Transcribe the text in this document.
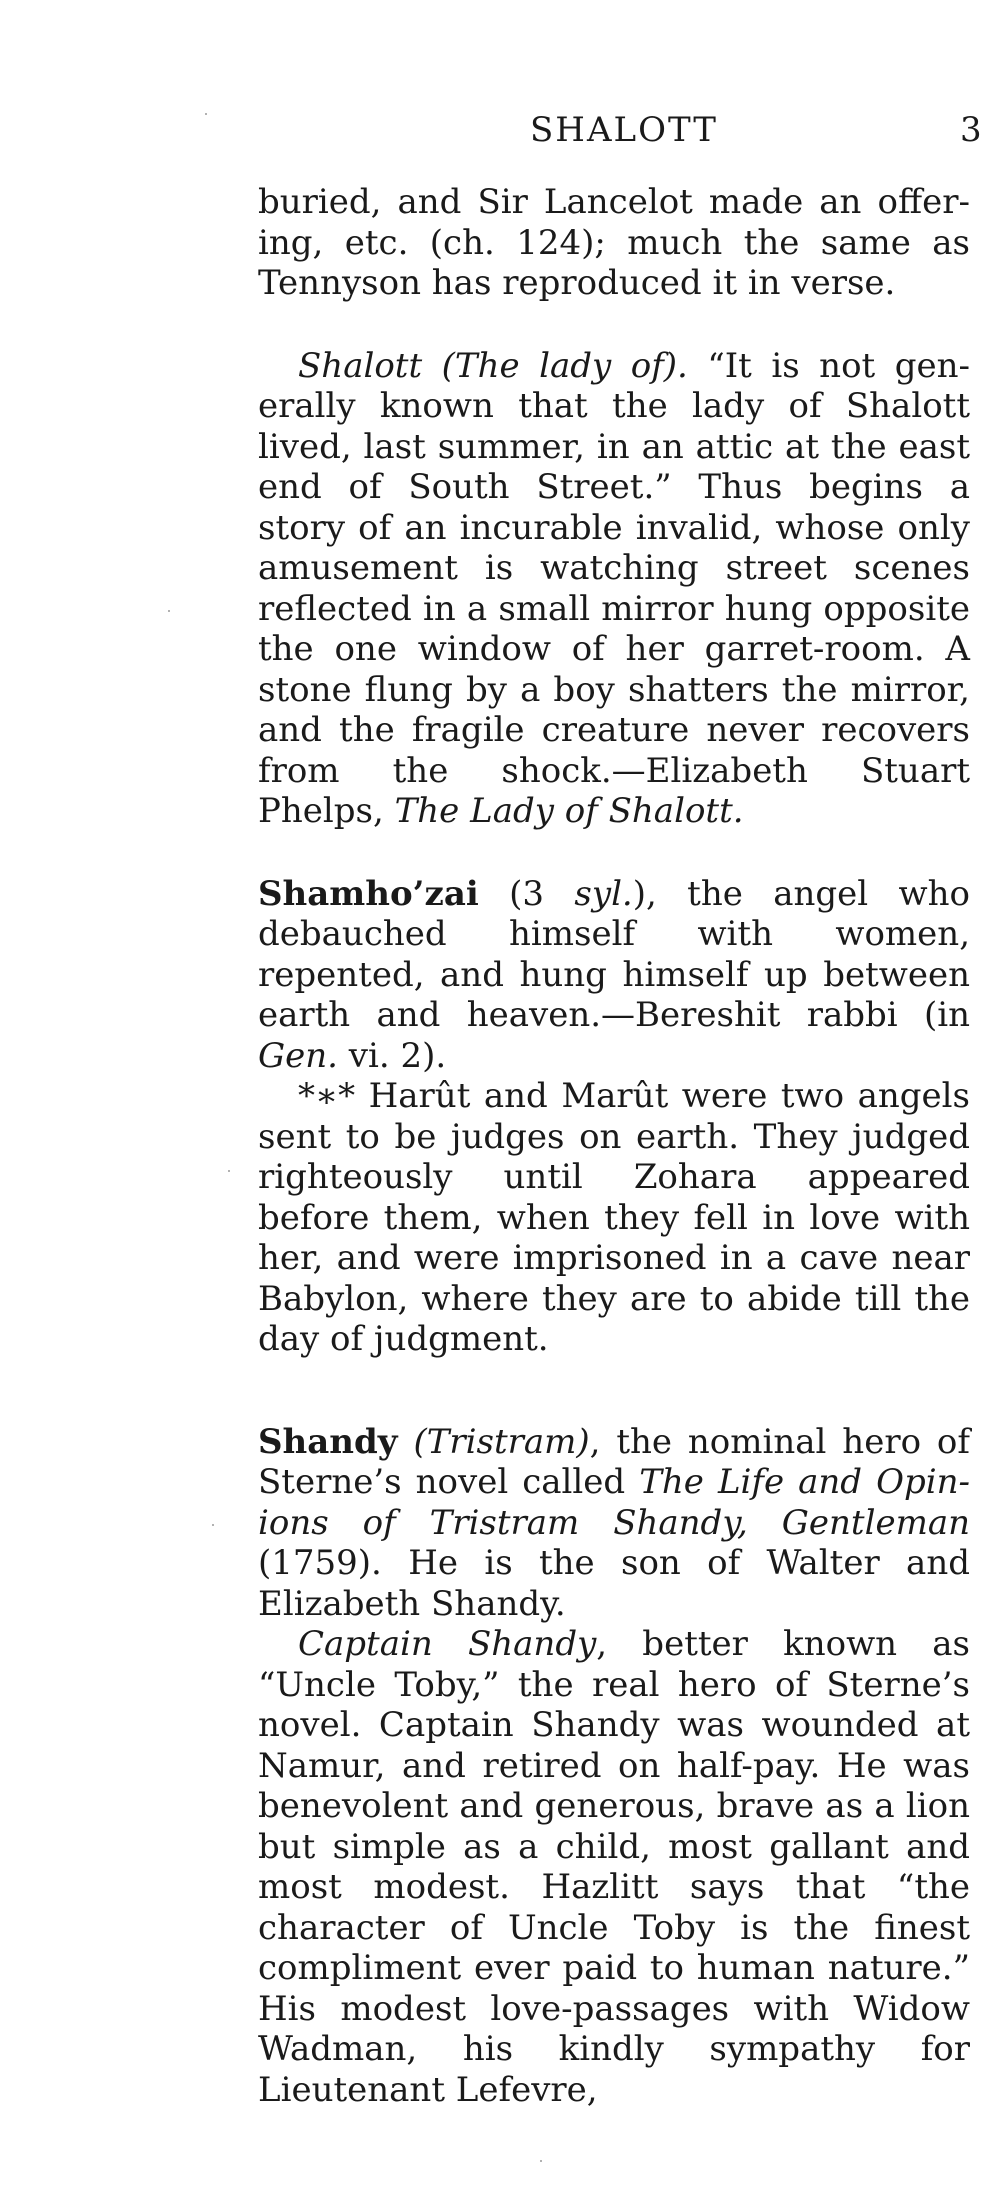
SHALOTT	3

buried, and Sir Lancelot made an offering, etc. (ch. 124); much the same as Tennyson has reproduced it in verse.

Shalott (The lady of). “It is not generally known that the lady of Shalott lived, last summer, in an attic at the east end of South Street.” Thus begins a story of an incurable invalid, whose only amusement is watching street scenes reflected in a small mirror hung opposite the one window of her garret-room. A stone flung by a boy shatters the mirror, and the fragile creature never recovers from the shock.—Elizabeth Stuart Phelps, The Lady of Shalott.

Shamho’zai (3 syl.), the angel who debauched himself with women, repented, and hung himself up between earth and heaven.—Bereshit rabbi (in Gen. vi. 2).

*∗* Harût and Marût were two angels sent to be judges on earth. They judged righteously until Zohara appeared before them, when they fell in love with her, and were imprisoned in a cave near Babylon, where they are to abide till the day of judgment.

Shandy (Tristram), the nominal hero of Sterne’s novel called The Life and Opinions of Tristram Shandy, Gentleman (1759). He is the son of Walter and Elizabeth Shandy.

Captain Shandy, better known as “Uncle Toby,” the real hero of Sterne’s novel. Captain Shandy was wounded at Namur, and retired on half-pay. He was benevolent and generous, brave as a lion but simple as a child, most gallant and most modest. Hazlitt says that “the character of Uncle Toby is the finest compliment ever paid to human nature.” His modest love-passages with Widow Wadman, his kindly sympathy for Lieutenant Lefevre,
